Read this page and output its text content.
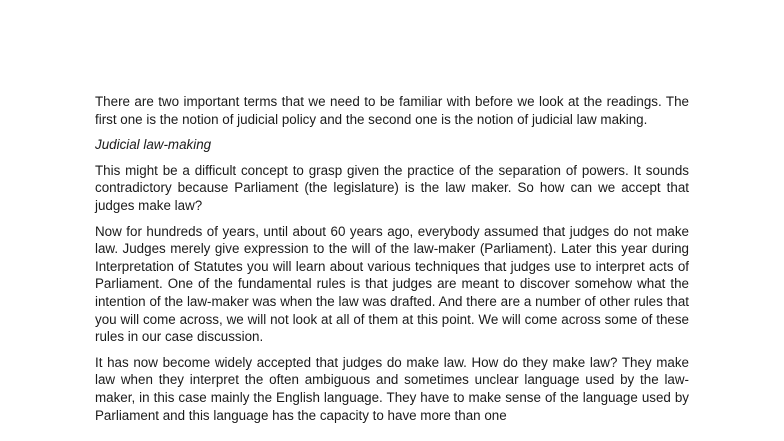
There are two important terms that we need to be familiar with before we look at the readings. The first one is the notion of judicial policy and the second one is the notion of judicial law making.

Judicial law-making

This might be a difficult concept to grasp given the practice of the separation of powers. It sounds contradictory because Parliament (the legislature) is the law maker. So how can we accept that judges make law?

Now for hundreds of years, until about 60 years ago, everybody assumed that judges do not make law. Judges merely give expression to the will of the law-maker (Parliament). Later this year during Interpretation of Statutes you will learn about various techniques that judges use to interpret acts of Parliament. One of the fundamental rules is that judges are meant to discover somehow what the intention of the law-maker was when the law was drafted. And there are a number of other rules that you will come across, we will not look at all of them at this point. We will come across some of these rules in our case discussion.

It has now become widely accepted that judges do make law. How do they make law? They make law when they interpret the often ambiguous and sometimes unclear language used by the law-maker, in this case mainly the English language. They have to make sense of the language used by Parliament and this language has the capacity to have more than one
